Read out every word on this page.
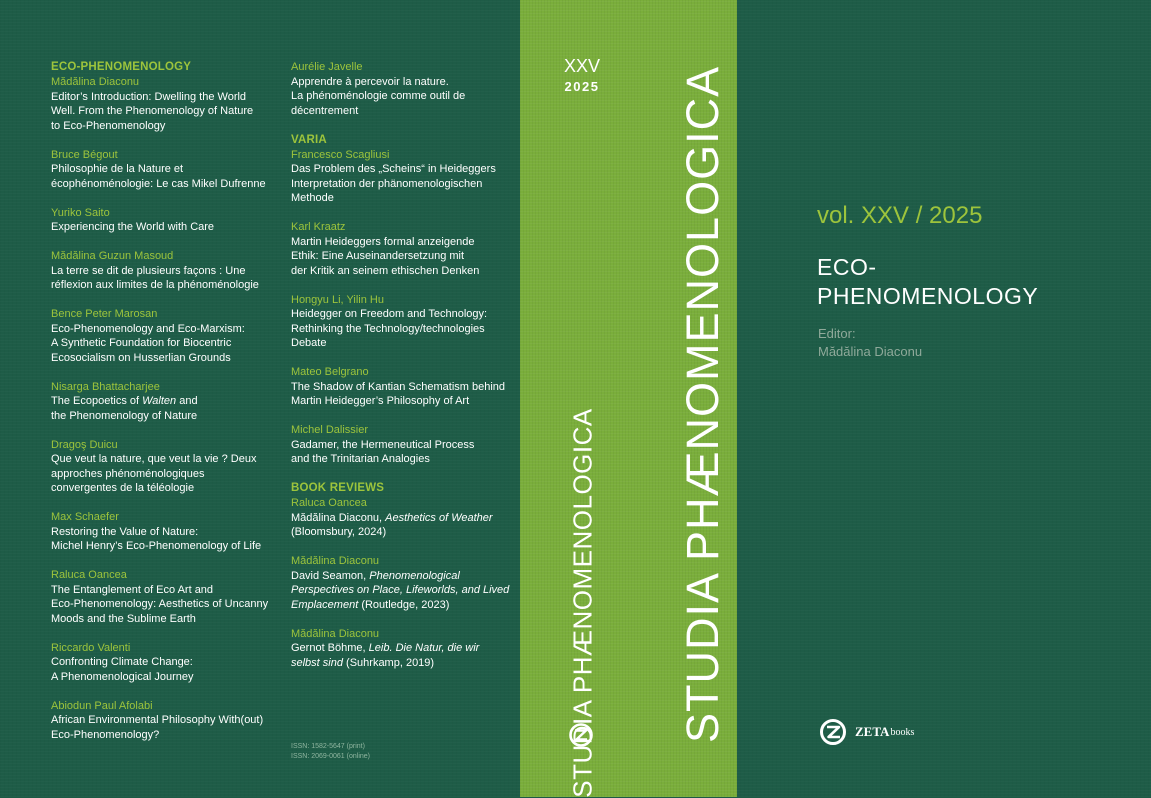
ECO-PHENOMENOLOGY
Mădălina Diaconu
Editor’s Introduction: Dwelling the World
Well. From the Phenomenology of Nature
to Eco-Phenomenology
Bruce Bégout
Philosophie de la Nature et
écophénoménologie: Le cas Mikel Dufrenne
Yuriko Saito
Experiencing the World with Care
Mădălina Guzun Masoud
La terre se dit de plusieurs façons : Une
réflexion aux limites de la phénoménologie
Bence Peter Marosan
Eco-Phenomenology and Eco-Marxism:
A Synthetic Foundation for Biocentric
Ecosocialism on Husserlian Grounds
Nisarga Bhattacharjee
The Ecopoetics of Walten and
the Phenomenology of Nature
Dragoş Duicu
Que veut la nature, que veut la vie ? Deux
approches phénoménologiques
convergentes de la téléologie
Max Schaefer
Restoring the Value of Nature:
Michel Henry’s Eco-Phenomenology of Life
Raluca Oancea
The Entanglement of Eco Art and
Eco-Phenomenology: Aesthetics of Uncanny
Moods and the Sublime Earth
Riccardo Valenti
Confronting Climate Change:
A Phenomenological Journey
Abiodun Paul Afolabi
African Environmental Philosophy With(out)
Eco-Phenomenology?
Aurélie Javelle
Apprendre à percevoir la nature.
La phénoménologie comme outil de
décentrement
VARIA
Francesco Scagliusi
Das Problem des „Scheins“ in Heideggers
Interpretation der phänomenologischen
Methode
Karl Kraatz
Martin Heideggers formal anzeigende
Ethik: Eine Auseinandersetzung mit
der Kritik an seinem ethischen Denken
Hongyu Li, Yilin Hu
Heidegger on Freedom and Technology:
Rethinking the Technology/technologies
Debate
Mateo Belgrano
The Shadow of Kantian Schematism behind
Martin Heidegger’s Philosophy of Art
Michel Dalissier
Gadamer, the Hermeneutical Process
and the Trinitarian Analogies
BOOK REVIEWS
Raluca Oancea
Mădălina Diaconu, Aesthetics of Weather
(Bloomsbury, 2024)
Mădălina Diaconu
David Seamon, Phenomenological
Perspectives on Place, Lifeworlds, and Lived
Emplacement (Routledge, 2023)
Mădălina Diaconu
Gernot Böhme, Leib. Die Natur, die wir
selbst sind (Suhrkamp, 2019)
ISSN: 1582-5647 (print)
ISSN: 2069-0061 (online)
XXV
2025
STUDIA PHÆNOMENOLOGICA STUDIA PHÆNOMENOLOGICA	vol. XXV / 2025
ECO-
PHENOMENOLOGY
Editor:
Mădălina Diaconu
ZETA books
